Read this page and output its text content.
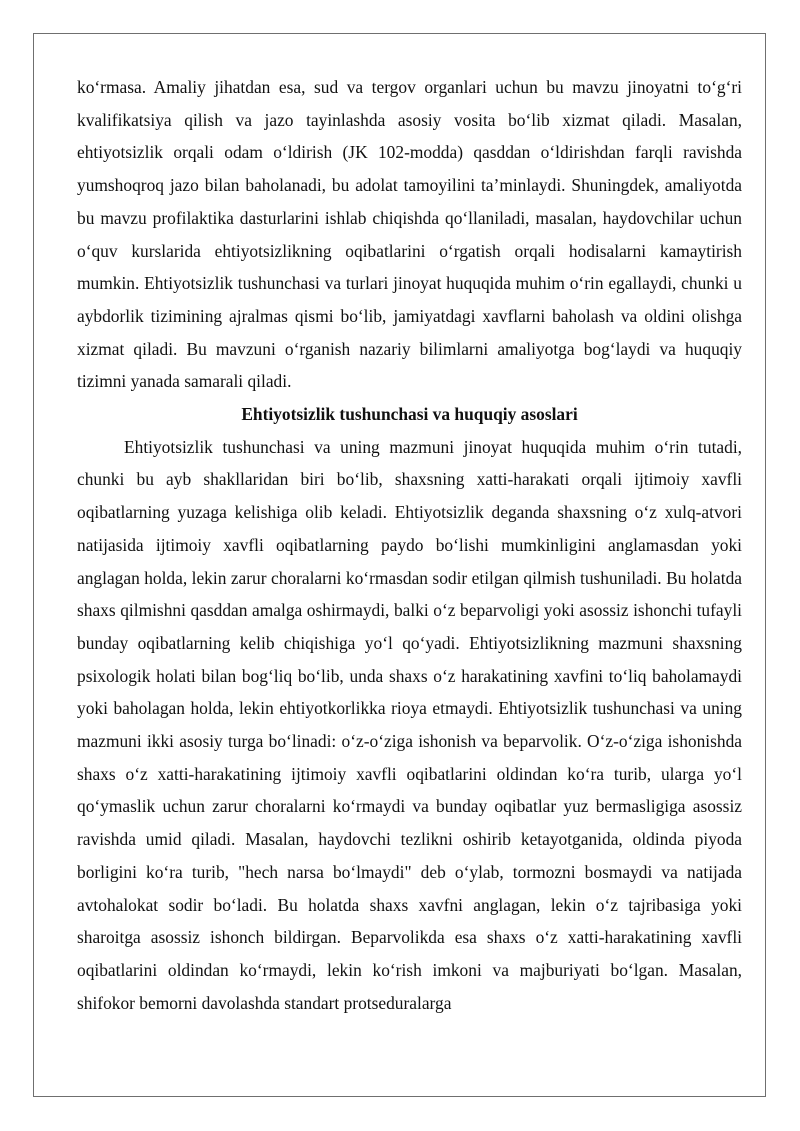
ko‘rmasa. Amaliy jihatdan esa, sud va tergov organlari uchun bu mavzu jinoyatni to‘g‘ri kvalifikatsiya qilish va jazo tayinlashda asosiy vosita bo‘lib xizmat qiladi. Masalan, ehtiyotsizlik orqali odam o‘ldirish (JK 102-modda) qasddan o‘ldirishdan farqli ravishda yumshoqroq jazo bilan baholanadi, bu adolat tamoyilini ta’minlaydi. Shuningdek, amaliyotda bu mavzu profilaktika dasturlarini ishlab chiqishda qo‘llaniladi, masalan, haydovchilar uchun o‘quv kurslarida ehtiyotsizlikning oqibatlarini o‘rgatish orqali hodisalarni kamaytirish mumkin. Ehtiyotsizlik tushunchasi va turlari jinoyat huquqida muhim o‘rin egallaydi, chunki u aybdorlik tizimining ajralmas qismi bo‘lib, jamiyatdagi xavflarni baholash va oldini olishga xizmat qiladi. Bu mavzuni o‘rganish nazariy bilimlarni amaliyotga bog‘laydi va huquqiy tizimni yanada samarali qiladi.

Ehtiyotsizlik tushunchasi va huquqiy asoslari

Ehtiyotsizlik tushunchasi va uning mazmuni jinoyat huquqida muhim o‘rin tutadi, chunki bu ayb shakllaridan biri bo‘lib, shaxsning xatti-harakati orqali ijtimoiy xavfli oqibatlarning yuzaga kelishiga olib keladi. Ehtiyotsizlik deganda shaxsning o‘z xulq-atvori natijasida ijtimoiy xavfli oqibatlarning paydo bo‘lishi mumkinligini anglamasdan yoki anglagan holda, lekin zarur choralarni ko‘rmasdan sodir etilgan qilmish tushuniladi. Bu holatda shaxs qilmishni qasddan amalga oshirmaydi, balki o‘z beparvoligi yoki asossiz ishonchi tufayli bunday oqibatlarning kelib chiqishiga yo‘l qo‘yadi. Ehtiyotsizlikning mazmuni shaxsning psixologik holati bilan bog‘liq bo‘lib, unda shaxs o‘z harakatining xavfini to‘liq baholamaydi yoki baholagan holda, lekin ehtiyotkorlikka rioya etmaydi. Ehtiyotsizlik tushunchasi va uning mazmuni ikki asosiy turga bo‘linadi: o‘z-o‘ziga ishonish va beparvolik. O‘z-o‘ziga ishonishda shaxs o‘z xatti-harakatining ijtimoiy xavfli oqibatlarini oldindan ko‘ra turib, ularga yo‘l qo‘ymaslik uchun zarur choralarni ko‘rmaydi va bunday oqibatlar yuz bermasligiga asossiz ravishda umid qiladi. Masalan, haydovchi tezlikni oshirib ketayotganida, oldinda piyoda borligini ko‘ra turib, "hech narsa bo‘lmaydi" deb o‘ylab, tormozni bosmaydi va natijada avtohalokat sodir bo‘ladi. Bu holatda shaxs xavfni anglagan, lekin o‘z tajribasiga yoki sharoitga asossiz ishonch bildirgan. Beparvolikda esa shaxs o‘z xatti-harakatining xavfli oqibatlarini oldindan ko‘rmaydi, lekin ko‘rish imkoni va majburiyati bo‘lgan. Masalan, shifokor bemorni davolashda standart protseduralarga
